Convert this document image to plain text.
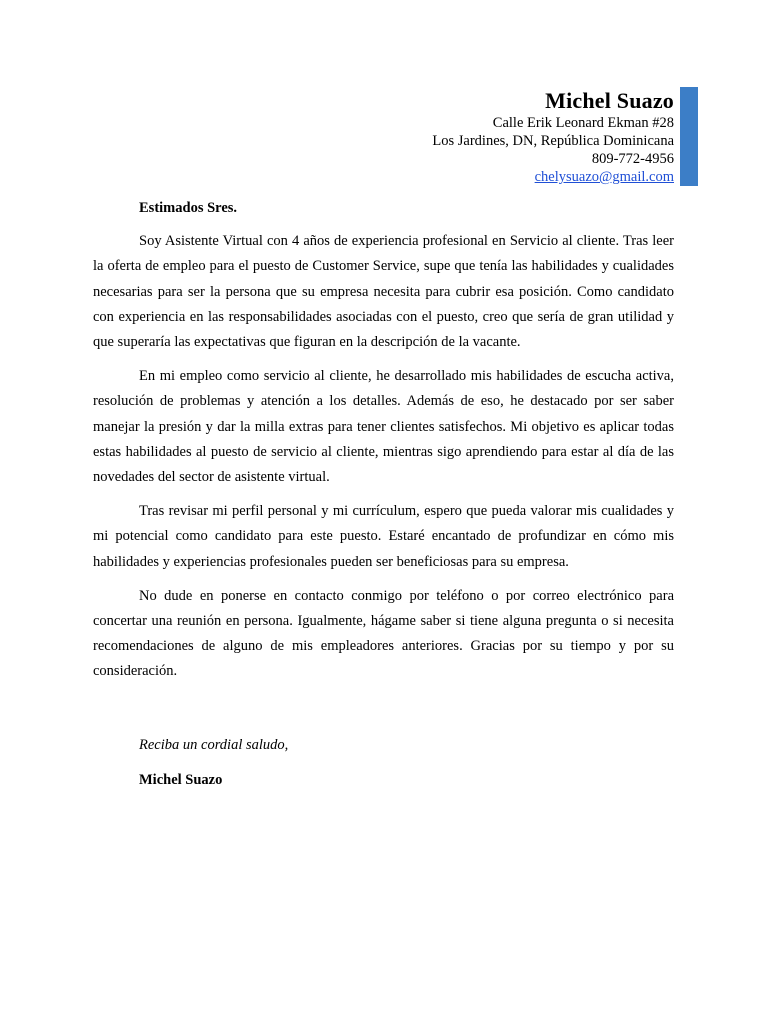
Michel Suazo
Calle Erik Leonard Ekman #28
Los Jardines, DN, República Dominicana
809-772-4956
chelysuazo@gmail.com

Estimados Sres.

Soy Asistente Virtual con 4 años de experiencia profesional en Servicio al cliente. Tras leer la oferta de empleo para el puesto de Customer Service, supe que tenía las habilidades y cualidades necesarias para ser la persona que su empresa necesita para cubrir esa posición. Como candidato con experiencia en las responsabilidades asociadas con el puesto, creo que sería de gran utilidad y que superaría las expectativas que figuran en la descripción de la vacante.

En mi empleo como servicio al cliente, he desarrollado mis habilidades de escucha activa, resolución de problemas y atención a los detalles. Además de eso, he destacado por ser saber manejar la presión y dar la milla extras para tener clientes satisfechos. Mi objetivo es aplicar todas estas habilidades al puesto de servicio al cliente, mientras sigo aprendiendo para estar al día de las novedades del sector de asistente virtual.

Tras revisar mi perfil personal y mi currículum, espero que pueda valorar mis cualidades y mi potencial como candidato para este puesto. Estaré encantado de profundizar en cómo mis habilidades y experiencias profesionales pueden ser beneficiosas para su empresa.

No dude en ponerse en contacto conmigo por teléfono o por correo electrónico para concertar una reunión en persona. Igualmente, hágame saber si tiene alguna pregunta o si necesita recomendaciones de alguno de mis empleadores anteriores. Gracias por su tiempo y por su consideración.

Reciba un cordial saludo,

Michel Suazo
